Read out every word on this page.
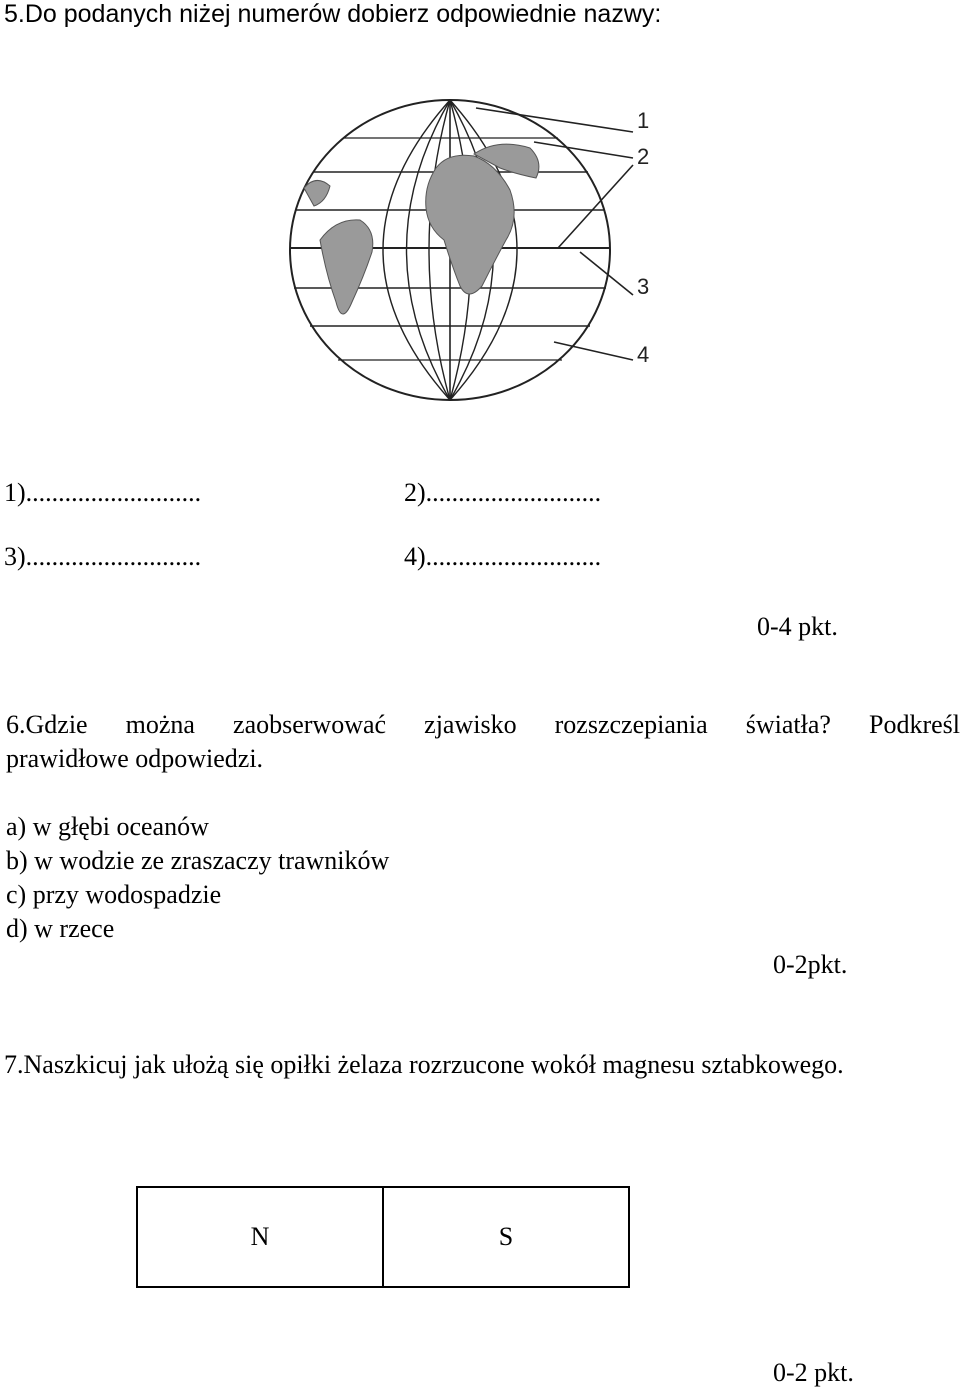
5.Do podanych niżej numerów dobierz odpowiednie nazwy:
1
2
3
4
1)...........................	2)...........................
3)...........................	4)...........................
0-4 pkt.
6.Gdzie można zaobserwować zjawisko rozszczepiania światła? Podkreśl
prawidłowe odpowiedzi.
a) w głębi oceanów
b) w wodzie ze zraszaczy trawników
c) przy wodospadzie
d) w rzece
0-2pkt.
7.Naszkicuj jak ułożą się opiłki żelaza rozrzucone wokół magnesu sztabkowego.
N	S
0-2 pkt.
